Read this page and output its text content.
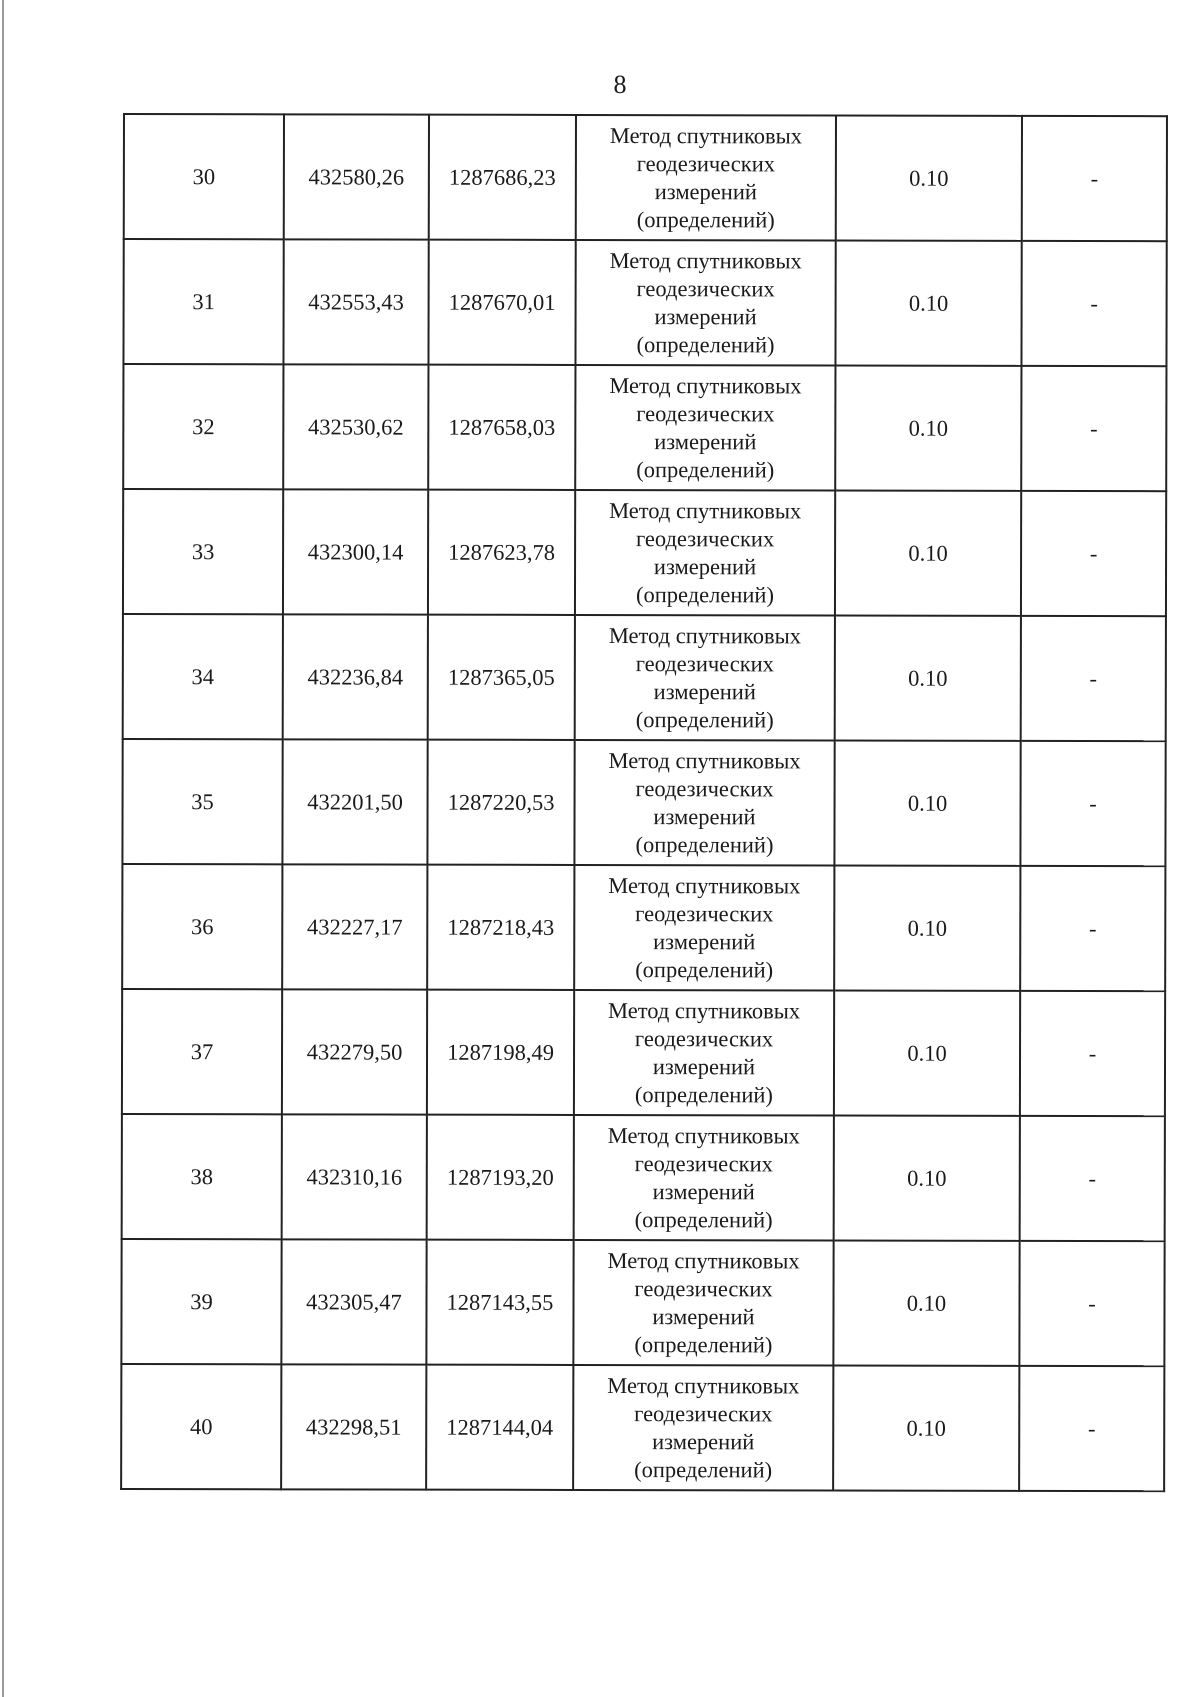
8
30	432580,26	1287686,23	Метод спутниковых
геодезических
измерений
(определений)	0.10	-
31	432553,43	1287670,01	Метод спутниковых
геодезических
измерений
(определений)	0.10	-
32	432530,62	1287658,03	Метод спутниковых
геодезических
измерений
(определений)	0.10	-
33	432300,14	1287623,78	Метод спутниковых
геодезических
измерений
(определений)	0.10	-
34	432236,84	1287365,05	Метод спутниковых
геодезических
измерений
(определений)	0.10	-
35	432201,50	1287220,53	Метод спутниковых
геодезических
измерений
(определений)	0.10	-
36	432227,17	1287218,43	Метод спутниковых
геодезических
измерений
(определений)	0.10	-
37	432279,50	1287198,49	Метод спутниковых
геодезических
измерений
(определений)	0.10	-
38	432310,16	1287193,20	Метод спутниковых
геодезических
измерений
(определений)	0.10	-
39	432305,47	1287143,55	Метод спутниковых
геодезических
измерений
(определений)	0.10	-
40	432298,51	1287144,04	Метод спутниковых
геодезических
измерений
(определений)	0.10	-
